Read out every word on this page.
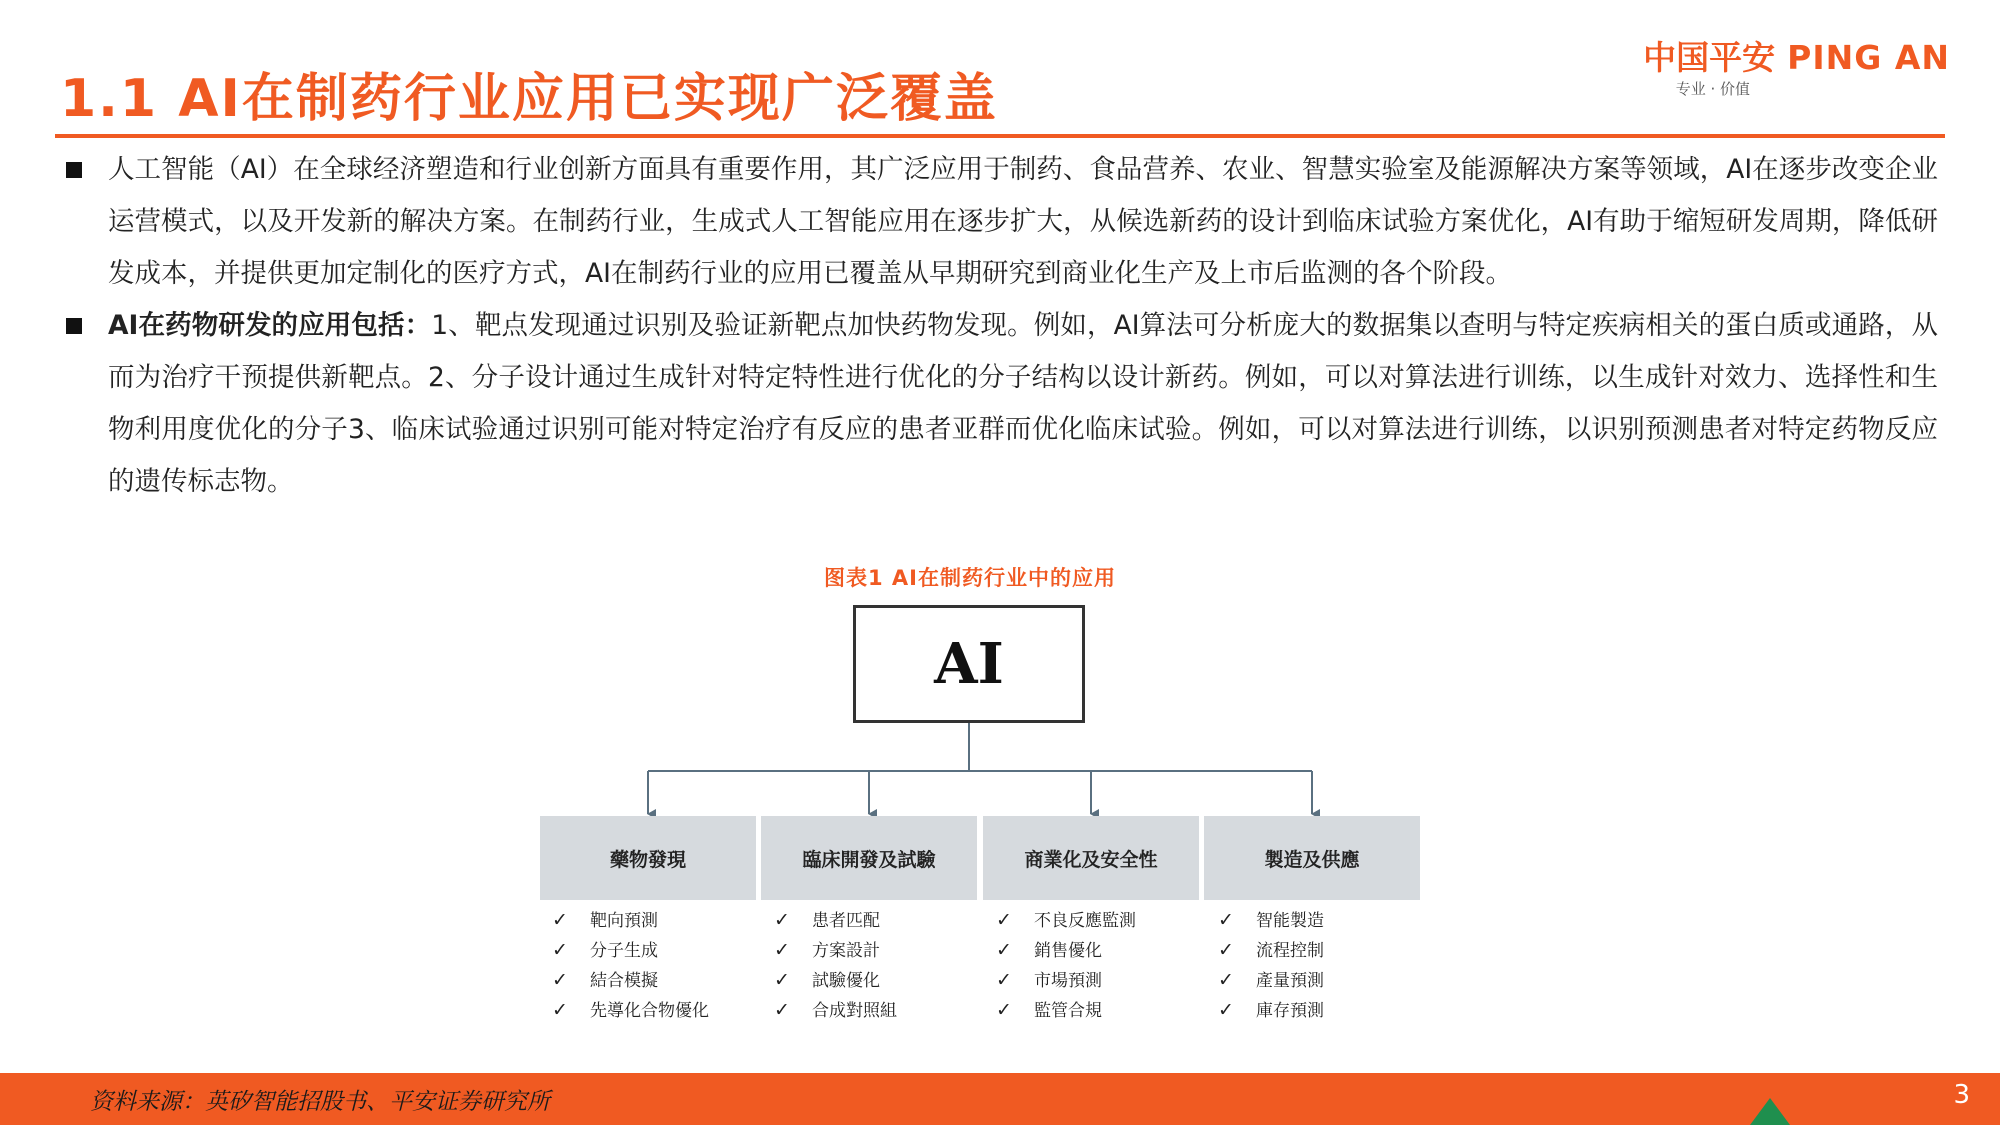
1.1 AI在制药行业应用已实现广泛覆盖
中国平安 PING AN
专业 · 价值
人工智能（AI）在全球经济塑造和行业创新方面具有重要作用，其广泛应用于制药、食品营养、农业、智慧实验室及能源解决方案等领域，AI在逐步改变企业运营模式，以及开发新的解决方案。在制药行业，生成式人工智能应用在逐步扩大，从候选新药的设计到临床试验方案优化，AI有助于缩短研发周期，降低研发成本，并提供更加定制化的医疗方式，AI在制药行业的应用已覆盖从早期研究到商业化生产及上市后监测的各个阶段。
AI在药物研发的应用包括：1、靶点发现通过识别及验证新靶点加快药物发现。例如，AI算法可分析庞大的数据集以查明与特定疾病相关的蛋白质或通路，从而为治疗干预提供新靶点。2、分子设计通过生成针对特定特性进行优化的分子结构以设计新药。例如，可以对算法进行训练，以生成针对效力、选择性和生物利用度优化的分子3、临床试验通过识别可能对特定治疗有反应的患者亚群而优化临床试验。例如，可以对算法进行训练，以识别预测患者对特定药物反应的遗传标志物。
图表1 AI在制药行业中的应用
AI
藥物發現	臨床開發及試驗	商業化及安全性	製造及供應
✓ 靶向預測
✓ 分子生成
✓ 結合模擬
✓ 先導化合物優化
✓ 患者匹配
✓ 方案設計
✓ 試驗優化
✓ 合成對照組
✓ 不良反應監測
✓ 銷售優化
✓ 市場預測
✓ 監管合規
✓ 智能製造
✓ 流程控制
✓ 產量預測
✓ 庫存預測
资料来源：英矽智能招股书、平安证券研究所	3
